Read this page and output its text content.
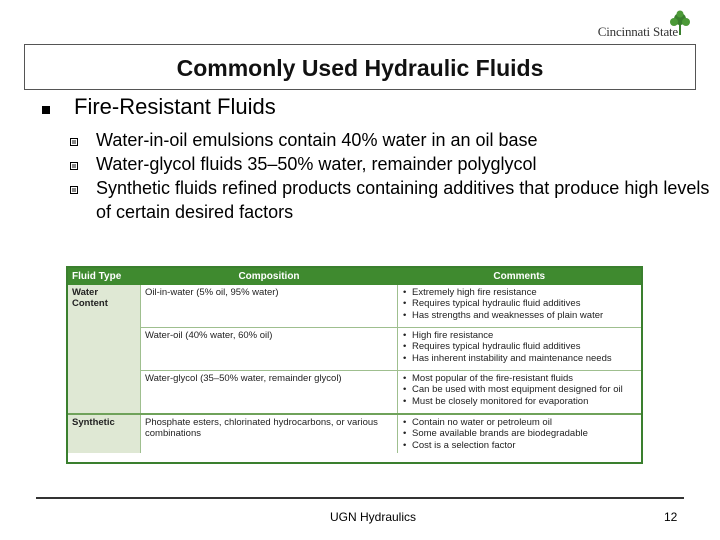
Cincinnati State
Commonly Used Hydraulic Fluids
Fire-Resistant Fluids
Water-in-oil emulsions contain 40% water in an oil base
Water-glycol fluids 35–50% water, remainder polyglycol
Synthetic fluids refined products containing additives that produce high levels of certain desired factors
Fluid Type	Composition	Comments
Water Content	Oil-in-water (5% oil, 95% water)	• Extremely high fire resistance
• Requires typical hydraulic fluid additives
• Has strengths and weaknesses of plain water

	Water-oil (40% water, 60% oil)	• High fire resistance
• Requires typical hydraulic fluid additives
• Has inherent instability and maintenance needs

	Water-glycol (35–50% water, remainder glycol)	• Most popular of the fire-resistant fluids
• Can be used with most equipment designed for oil
• Must be closely monitored for evaporation

Synthetic	Phosphate esters, chlorinated hydrocarbons, or various combinations	• Contain no water or petroleum oil
• Some available brands are biodegradable
• Cost is a selection factor
UGN Hydraulics	12
